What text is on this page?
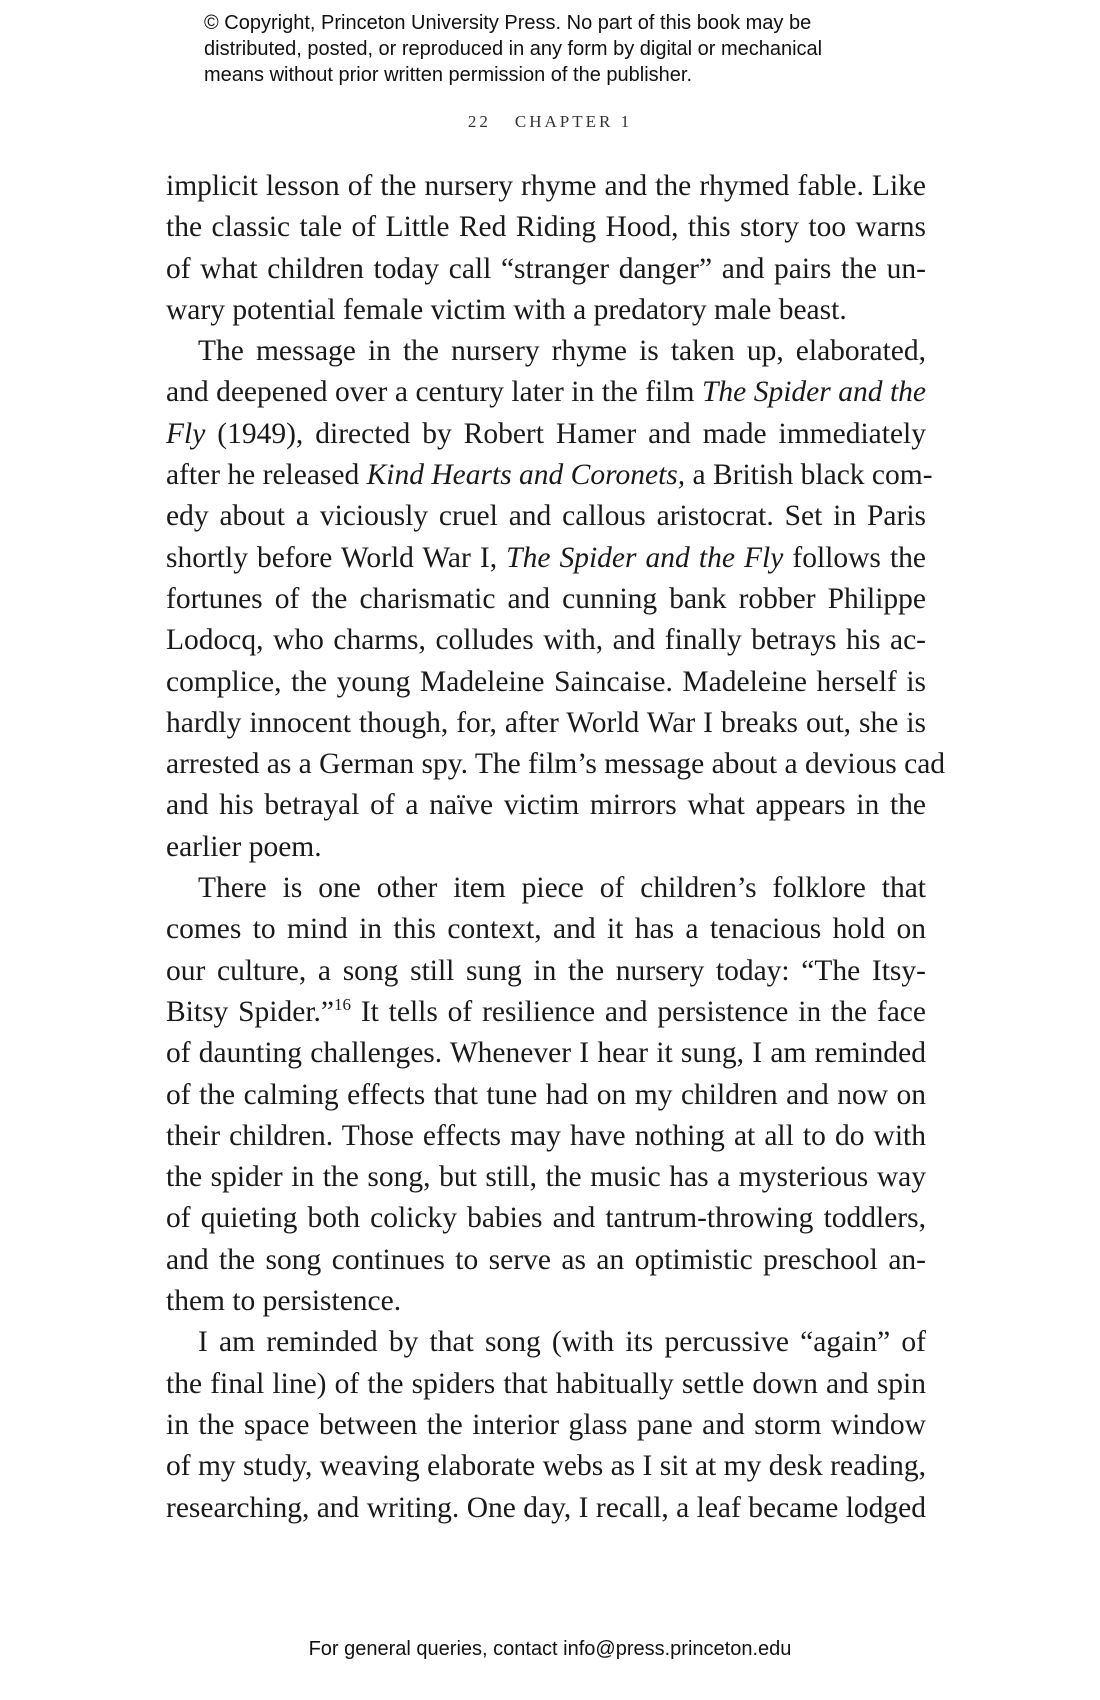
© Copyright, Princeton University Press. No part of this book may be
distributed, posted, or reproduced in any form by digital or mechanical
means without prior written permission of the publisher.
22 CHAPTER 1
implicit lesson of the nursery rhyme and the rhymed fable. Like
the classic tale of Little Red Riding Hood, this story too warns
of what children today call “stranger danger” and pairs the un-
wary potential female victim with a predatory male beast.
The message in the nursery rhyme is taken up, elaborated,
and deepened over a century later in the film The Spider and the
Fly (1949), directed by Robert Hamer and made immediately
after he released Kind Hearts and Coronets, a British black com-
edy about a viciously cruel and callous aristocrat. Set in Paris
shortly before World War I, The Spider and the Fly follows the
fortunes of the charismatic and cunning bank robber Philippe
Lodocq, who charms, colludes with, and finally betrays his ac-
complice, the young Madeleine Saincaise. Madeleine herself is
hardly innocent though, for, after World War I breaks out, she is
arrested as a German spy. The film’s message about a devious cad
and his betrayal of a naïve victim mirrors what appears in the
earlier poem.
There is one other item piece of children’s folklore that
comes to mind in this context, and it has a tenacious hold on
our culture, a song still sung in the nursery today: “The Itsy-
Bitsy Spider.”$^{16}$ It tells of resilience and persistence in the face
of daunting challenges. Whenever I hear it sung, I am reminded
of the calming effects that tune had on my children and now on
their children. Those effects may have nothing at all to do with
the spider in the song, but still, the music has a mysterious way
of quieting both colicky babies and tantrum-throwing toddlers,
and the song continues to serve as an optimistic preschool an-
them to persistence.
I am reminded by that song (with its percussive “again” of
the final line) of the spiders that habitually settle down and spin
in the space between the interior glass pane and storm window
of my study, weaving elaborate webs as I sit at my desk reading,
researching, and writing. One day, I recall, a leaf became lodged
For general queries, contact info@press.princeton.edu
